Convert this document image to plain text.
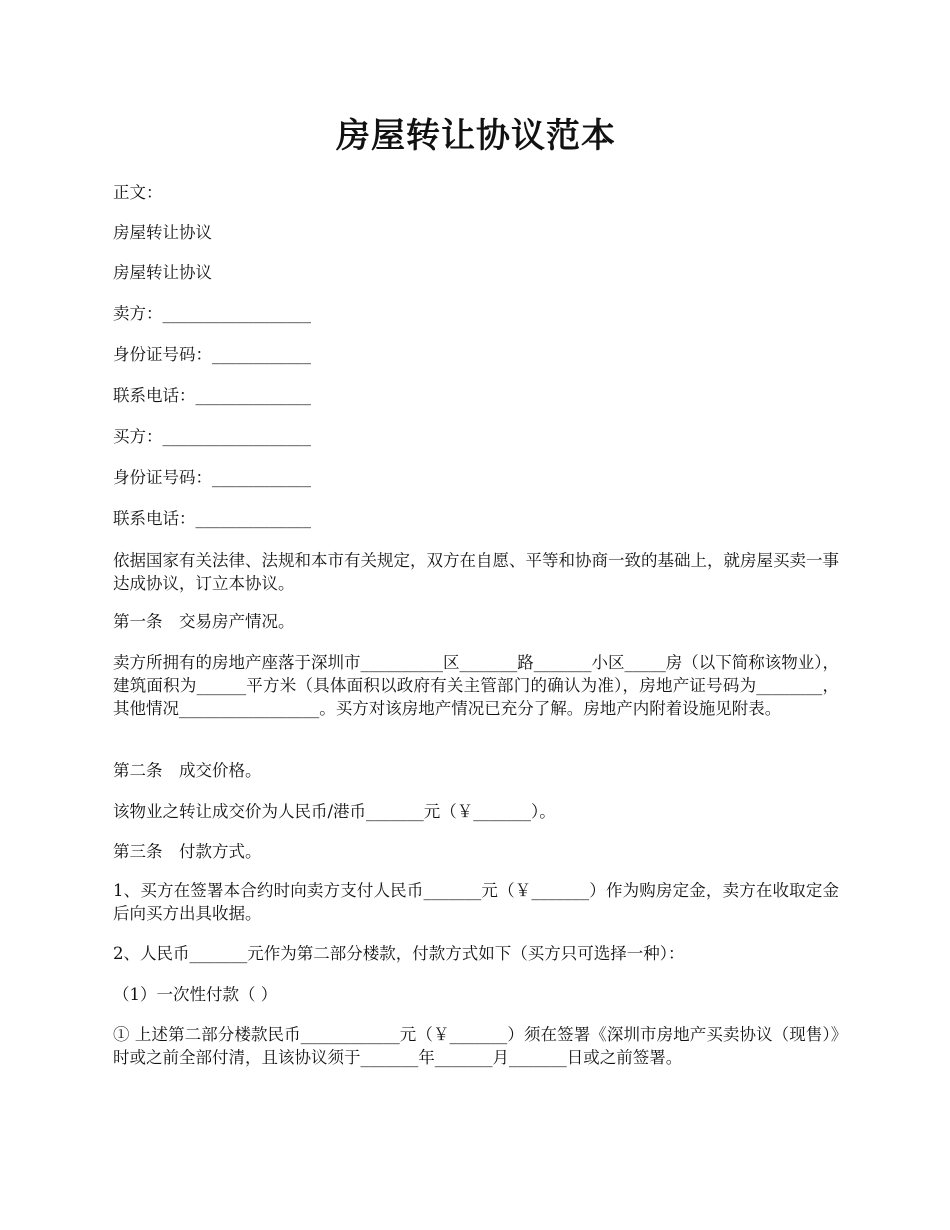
房屋转让协议范本
正文：
房屋转让协议
房屋转让协议
卖方：__________________
身份证号码：____________
联系电话：______________
买方：__________________
身份证号码：____________
联系电话：______________
依据国家有关法律、法规和本市有关规定，双方在自愿、平等和协商一致的基础上，就房屋买卖一事达成协议，订立本协议。
第一条　交易房产情况。
卖方所拥有的房地产座落于深圳市__________区_______路_______小区_____房（以下简称该物业），建筑面积为______平方米（具体面积以政府有关主管部门的确认为准），房地产证号码为________，其他情况_________________。买方对该房地产情况已充分了解。房地产内附着设施见附表。
第二条　成交价格。
该物业之转让成交价为人民币/港币_______元（￥_______）。
第三条　付款方式。
1、买方在签署本合约时向卖方支付人民币_______元（￥_______）作为购房定金，卖方在收取定金后向买方出具收据。
2、人民币_______元作为第二部分楼款，付款方式如下（买方只可选择一种）：
（1）一次性付款（ ）
① 上述第二部分楼款民币____________元（￥_______）须在签署《深圳市房地产买卖协议（现售）》时或之前全部付清，且该协议须于_______年_______月_______日或之前签署。
